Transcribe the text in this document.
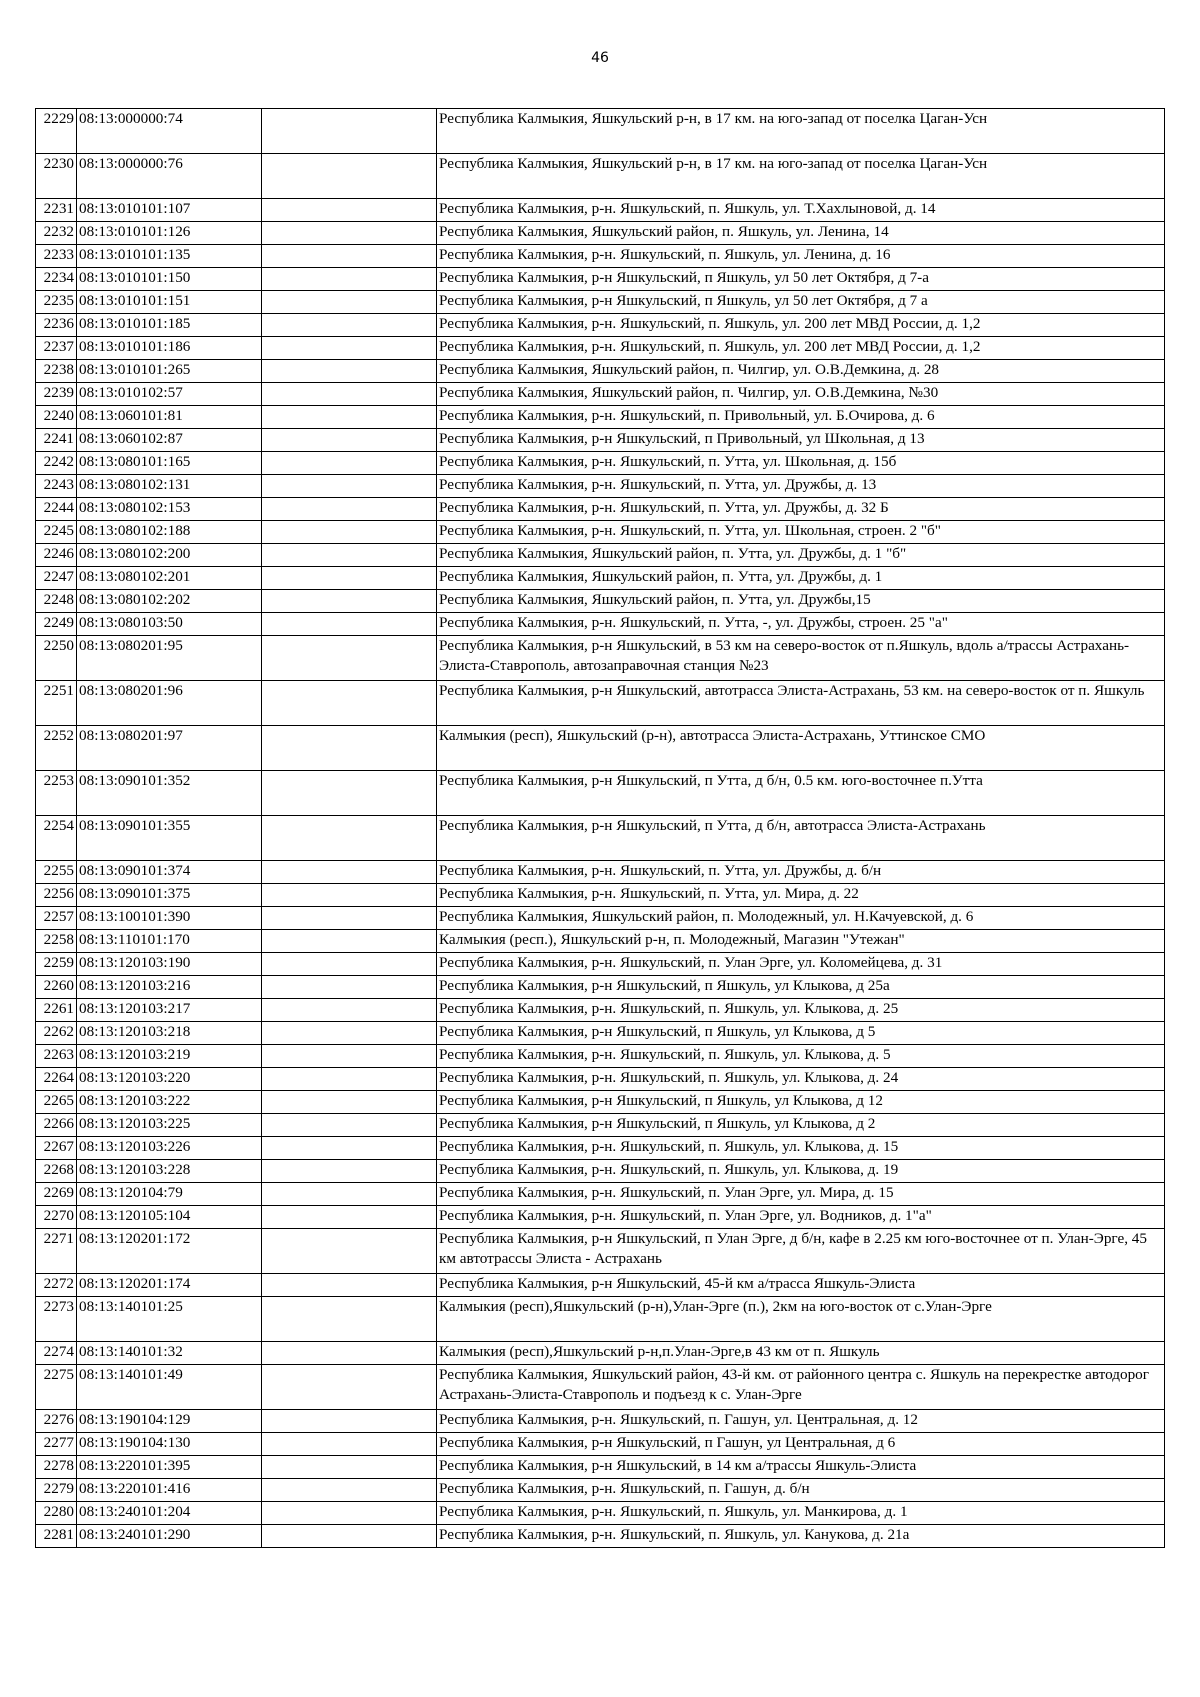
46
2229	08:13:000000:74		Республика Калмыкия, Яшкульский р-н, в 17 км. на юго-запад от поселка Цаган-Усн
2230	08:13:000000:76		Республика Калмыкия, Яшкульский р-н, в 17 км. на юго-запад от поселка Цаган-Усн
2231	08:13:010101:107		Республика Калмыкия, р-н. Яшкульский, п. Яшкуль, ул. Т.Хахлыновой, д. 14
2232	08:13:010101:126		Республика Калмыкия, Яшкульский район, п. Яшкуль, ул. Ленина, 14
2233	08:13:010101:135		Республика Калмыкия, р-н. Яшкульский, п. Яшкуль, ул. Ленина, д. 16
2234	08:13:010101:150		Республика Калмыкия, р-н Яшкульский, п Яшкуль, ул 50 лет Октября, д 7-а
2235	08:13:010101:151		Республика Калмыкия, р-н Яшкульский, п Яшкуль, ул 50 лет Октября, д 7 а
2236	08:13:010101:185		Республика Калмыкия, р-н. Яшкульский, п. Яшкуль, ул. 200 лет МВД России, д. 1,2
2237	08:13:010101:186		Республика Калмыкия, р-н. Яшкульский, п. Яшкуль, ул. 200 лет МВД России, д. 1,2
2238	08:13:010101:265		Республика Калмыкия, Яшкульский район, п. Чилгир, ул. О.В.Демкина, д. 28
2239	08:13:010102:57		Республика Калмыкия, Яшкульский район, п. Чилгир, ул. О.В.Демкина, №30
2240	08:13:060101:81		Республика Калмыкия, р-н. Яшкульский, п. Привольный, ул. Б.Очирова, д. 6
2241	08:13:060102:87		Республика Калмыкия, р-н Яшкульский, п Привольный, ул Школьная, д 13
2242	08:13:080101:165		Республика Калмыкия, р-н. Яшкульский, п. Утта, ул. Школьная, д. 15б
2243	08:13:080102:131		Республика Калмыкия, р-н. Яшкульский, п. Утта, ул. Дружбы, д. 13
2244	08:13:080102:153		Республика Калмыкия, р-н. Яшкульский, п. Утта, ул. Дружбы, д. 32 Б
2245	08:13:080102:188		Республика Калмыкия, р-н. Яшкульский, п. Утта, ул. Школьная, строен. 2 "б"
2246	08:13:080102:200		Республика Калмыкия, Яшкульский район, п. Утта, ул. Дружбы, д. 1 "б"
2247	08:13:080102:201		Республика Калмыкия, Яшкульский район, п. Утта, ул. Дружбы, д. 1
2248	08:13:080102:202		Республика Калмыкия, Яшкульский район, п. Утта, ул. Дружбы,15
2249	08:13:080103:50		Республика Калмыкия, р-н. Яшкульский, п. Утта, -, ул. Дружбы, строен. 25 "а"
2250	08:13:080201:95		Республика Калмыкия, р-н Яшкульский, в 53 км на северо-восток от п.Яшкуль, вдоль а/трассы Астрахань-Элиста-Ставрополь, автозаправочная станция №23
2251	08:13:080201:96		Республика Калмыкия, р-н Яшкульский, автотрасса Элиста-Астрахань, 53 км. на северо-восток от п. Яшкуль
2252	08:13:080201:97		Калмыкия (респ), Яшкульский (р-н), автотрасса Элиста-Астрахань, Уттинское СМО
2253	08:13:090101:352		Республика Калмыкия, р-н Яшкульский, п Утта, д б/н, 0.5 км. юго-восточнее п.Утта
2254	08:13:090101:355		Республика Калмыкия, р-н Яшкульский, п Утта, д б/н, автотрасса Элиста-Астрахань
2255	08:13:090101:374		Республика Калмыкия, р-н. Яшкульский, п. Утта, ул. Дружбы, д. б/н
2256	08:13:090101:375		Республика Калмыкия, р-н. Яшкульский, п. Утта, ул. Мира, д. 22
2257	08:13:100101:390		Республика Калмыкия, Яшкульский район, п. Молодежный, ул. Н.Качуевской, д. 6
2258	08:13:110101:170		Калмыкия (респ.), Яшкульский р-н, п. Молодежный, Магазин "Утежан"
2259	08:13:120103:190		Республика Калмыкия, р-н. Яшкульский, п. Улан Эрге, ул. Коломейцева, д. 31
2260	08:13:120103:216		Республика Калмыкия, р-н Яшкульский, п Яшкуль, ул Клыкова, д 25а
2261	08:13:120103:217		Республика Калмыкия, р-н. Яшкульский, п. Яшкуль, ул. Клыкова, д. 25
2262	08:13:120103:218		Республика Калмыкия, р-н Яшкульский, п Яшкуль, ул Клыкова, д 5
2263	08:13:120103:219		Республика Калмыкия, р-н. Яшкульский, п. Яшкуль, ул. Клыкова, д. 5
2264	08:13:120103:220		Республика Калмыкия, р-н. Яшкульский, п. Яшкуль, ул. Клыкова, д. 24
2265	08:13:120103:222		Республика Калмыкия, р-н Яшкульский, п Яшкуль, ул Клыкова, д 12
2266	08:13:120103:225		Республика Калмыкия, р-н Яшкульский, п Яшкуль, ул Клыкова, д 2
2267	08:13:120103:226		Республика Калмыкия, р-н. Яшкульский, п. Яшкуль, ул. Клыкова, д. 15
2268	08:13:120103:228		Республика Калмыкия, р-н. Яшкульский, п. Яшкуль, ул. Клыкова, д. 19
2269	08:13:120104:79		Республика Калмыкия, р-н. Яшкульский, п. Улан Эрге, ул. Мира, д. 15
2270	08:13:120105:104		Республика Калмыкия, р-н. Яшкульский, п. Улан Эрге, ул. Водников, д. 1"а"
2271	08:13:120201:172		Республика Калмыкия, р-н Яшкульский, п Улан Эрге, д б/н, кафе в 2.25 км юго-восточнее от п. Улан-Эрге, 45 км автотрассы Элиста - Астрахань
2272	08:13:120201:174		Республика Калмыкия, р-н Яшкульский, 45-й км а/трасса Яшкуль-Элиста
2273	08:13:140101:25		Калмыкия (респ),Яшкульский (р-н),Улан-Эрге (п.), 2км на юго-восток от с.Улан-Эрге
2274	08:13:140101:32		Калмыкия (респ),Яшкульский р-н,п.Улан-Эрге,в 43 км от п. Яшкуль
2275	08:13:140101:49		Республика Калмыкия, Яшкульский район, 43-й км. от районного центра с. Яшкуль на перекрестке автодорог Астрахань-Элиста-Ставрополь и подъезд к с. Улан-Эрге
2276	08:13:190104:129		Республика Калмыкия, р-н. Яшкульский, п. Гашун, ул. Центральная, д. 12
2277	08:13:190104:130		Республика Калмыкия, р-н Яшкульский, п Гашун, ул Центральная, д 6
2278	08:13:220101:395		Республика Калмыкия, р-н Яшкульский, в 14 км а/трассы Яшкуль-Элиста
2279	08:13:220101:416		Республика Калмыкия, р-н. Яшкульский, п. Гашун, д. б/н
2280	08:13:240101:204		Республика Калмыкия, р-н. Яшкульский, п. Яшкуль, ул. Манкирова, д. 1
2281	08:13:240101:290		Республика Калмыкия, р-н. Яшкульский, п. Яшкуль, ул. Канукова, д. 21а
